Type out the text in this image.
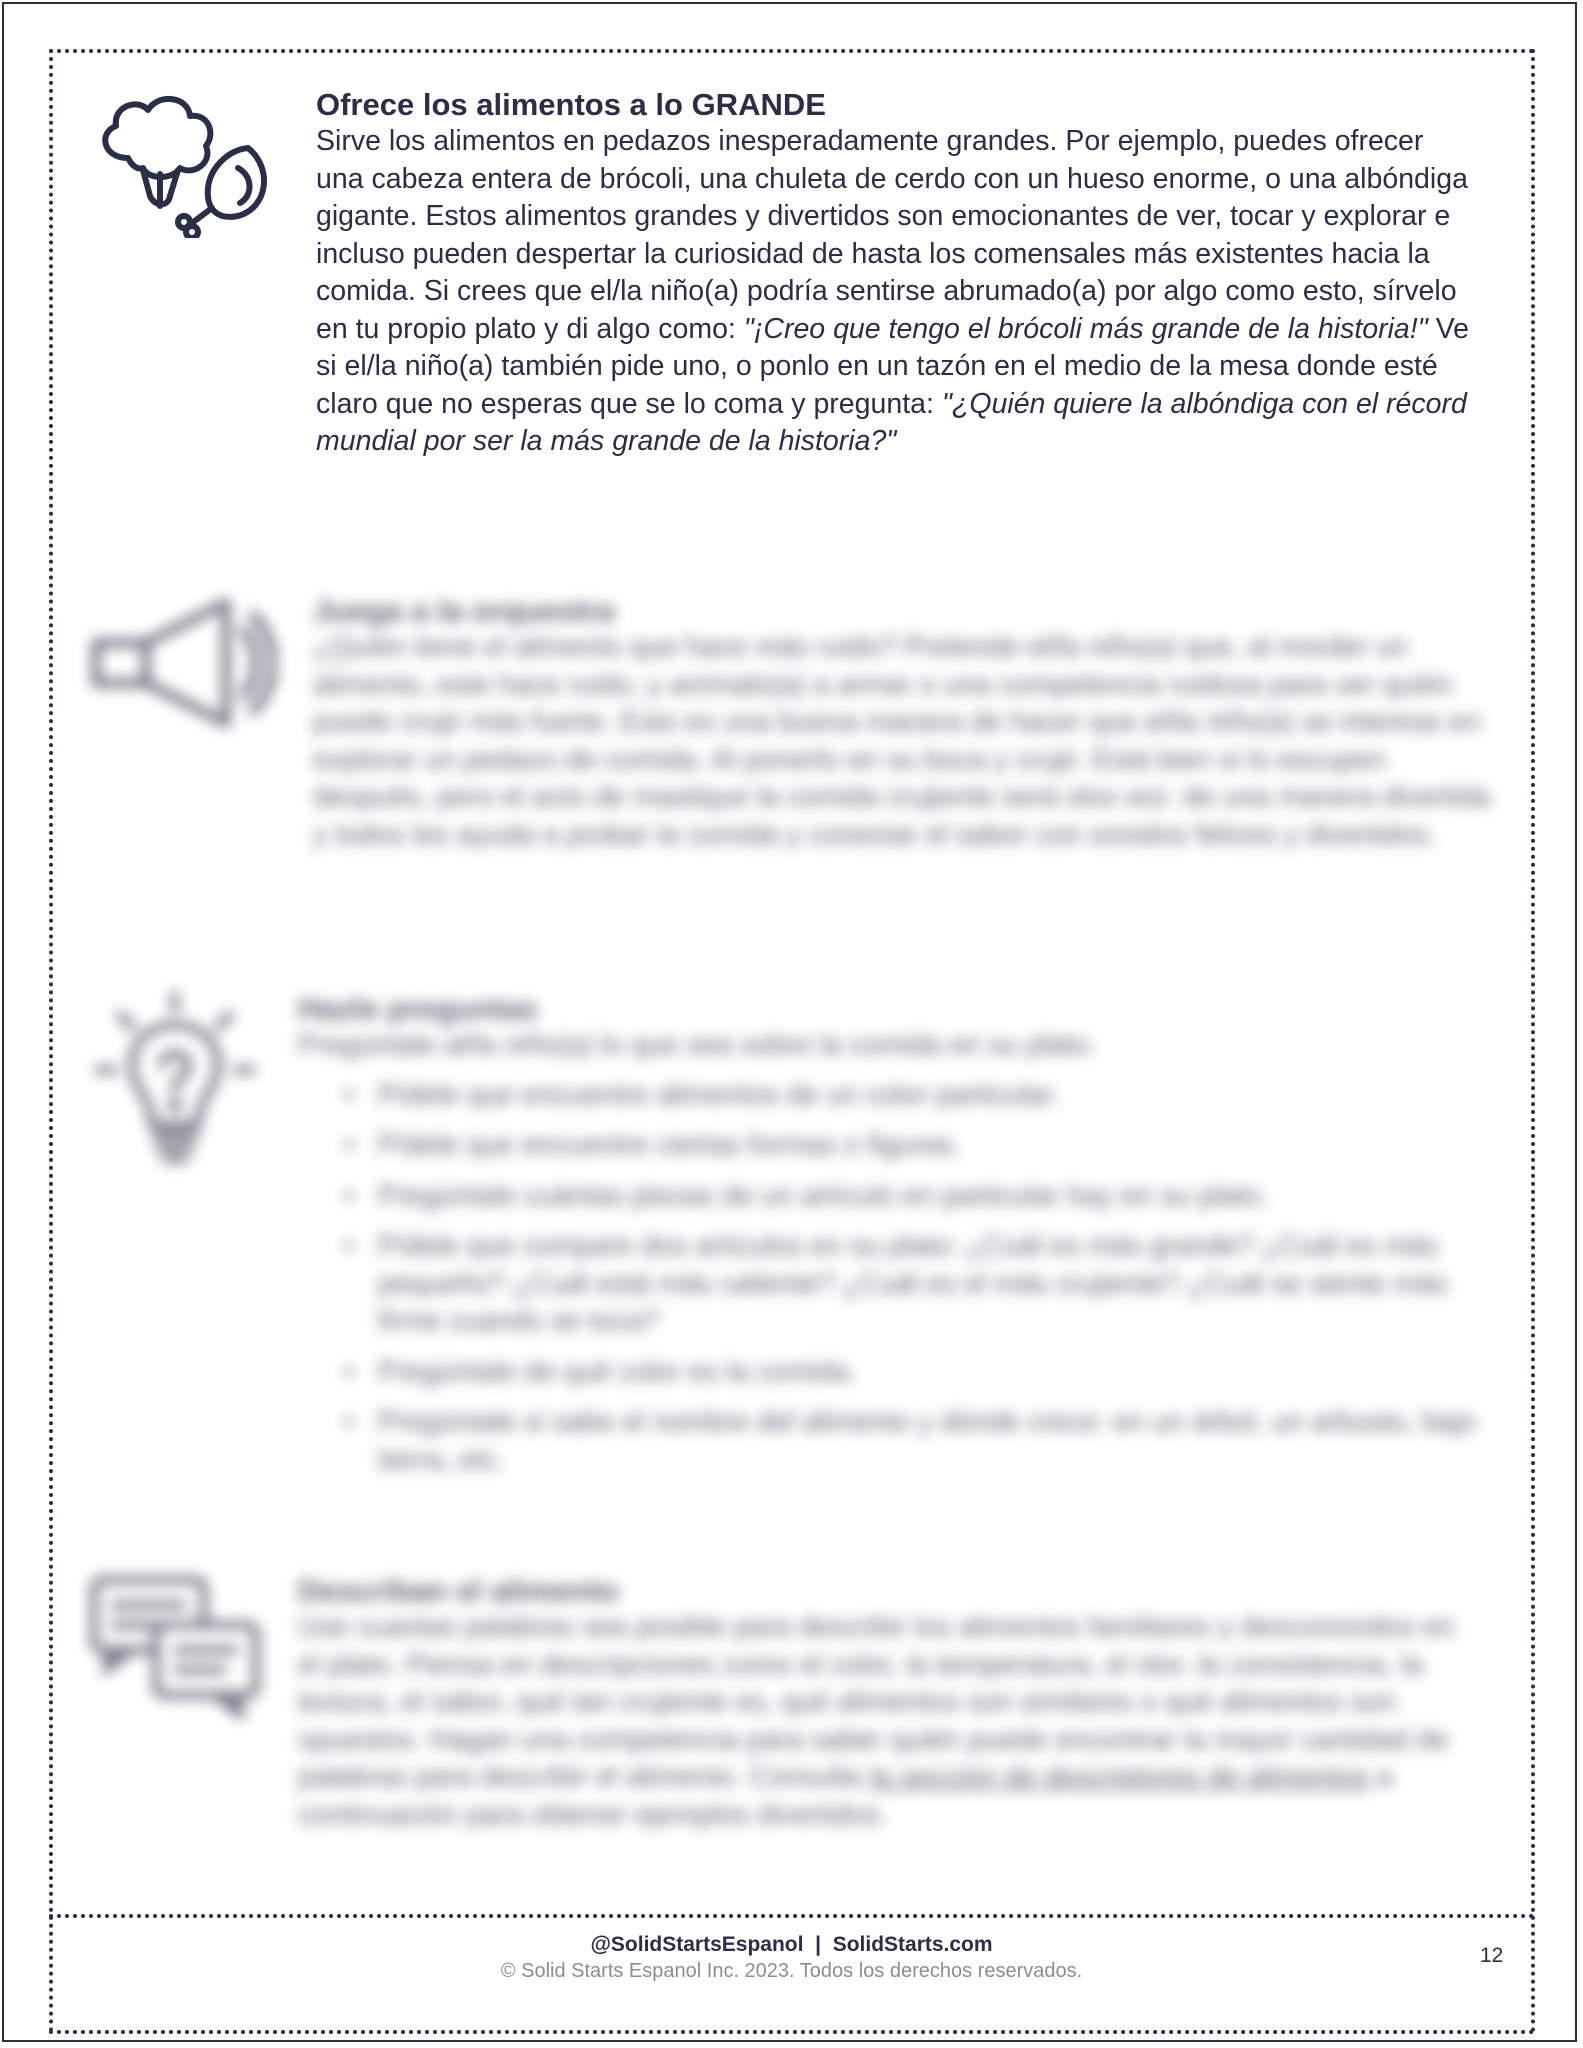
Ofrece los alimentos a lo GRANDE

Sirve los alimentos en pedazos inesperadamente grandes. Por ejemplo, puedes ofrecer una cabeza entera de brócoli, una chuleta de cerdo con un hueso enorme, o una albóndiga gigante. Estos alimentos grandes y divertidos son emocionantes de ver, tocar y explorar e incluso pueden despertar la curiosidad de hasta los comensales más existentes hacia la comida. Si crees que el/la niño(a) podría sentirse abrumado(a) por algo como esto, sírvelo en tu propio plato y di algo como: "¡Creo que tengo el brócoli más grande de la historia!" Ve si el/la niño(a) también pide uno, o ponlo en un tazón en el medio de la mesa donde esté claro que no esperas que se lo coma y pregunta: "¿Quién quiere la albóndiga con el récord mundial por ser la más grande de la historia?"

Juega a la orquestra

¿Quién tiene el alimento que hace más ruido? Pretende el/la niño(a) que, al morder un alimento, este hace ruido, y anímalo(a) a armar o una competencia ruidosa para ver quién puede crujir más fuerte. Esto es una buena manera de hacer que el/la niño(a) se interese en explorar un pedazo de comida. Al ponerlo en su boca y crujir. Está bien si lo escupen después, pero el acto de mastique la comida crujiente será otra vez: de una manera divertida y todos les ayuda a probar la comida y conectar el sabor con sonidos felices y divertidos.

Hazle preguntas

Pregúntale al/la niño(a) lo que sea sobre la comida en su plato.

• Pídele que encuentre alimentos de un color particular.
• Pídele que encuentre ciertas formas o figuras.
• Pregúntale cuántas piezas de un artículo en particular hay en su plato.
• Pídele que compare dos artículos en su plato: ¿Cuál es más grande? ¿Cuál es más pequeño? ¿Cuál está más caliente? ¿Cuál es el más crujiente? ¿Cuál se siente más firme cuando se toca?
• Pregúntale de qué color es la comida.
• Pregúntale si sabe el nombre del alimento y dónde crece: en un árbol, un arbusto, bajo tierra, etc.
Describan el alimento

Use cuantas palabras sea posible para describir los alimentos familiares y desconocidos en el plato. Piensa en descripciones como el color, la temperatura, el olor, la consistencia, la textura, el sabor, qué tan crujiente es, qué alimentos son similares o qué alimentos son opuestos. Hagan una competencia para saber quién puede encontrar la mayor cantidad de palabras para describir el alimento. Consulta la sección de descriptores de alimentos a continuación para obtener ejemplos divertidos.

@SolidStartsEspanol | SolidStarts.com
© Solid Starts Espanol Inc. 2023. Todos los derechos reservados.
12
